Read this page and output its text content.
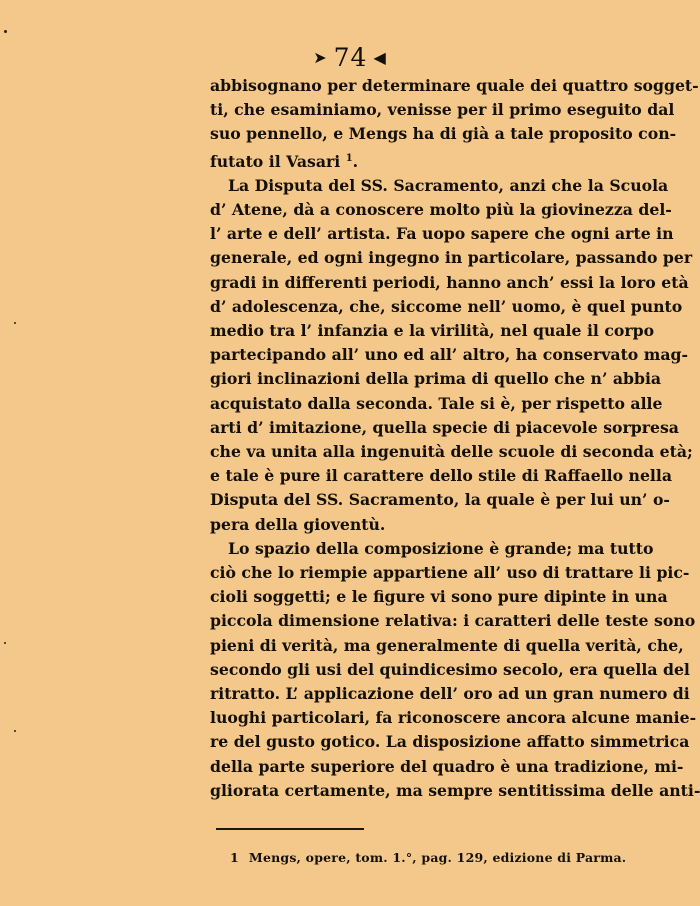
➤ 74 ◀

abbisognano per determinare quale dei quattro sogget-
ti, che esaminiamo, venisse per il primo eseguito dal
suo pennello, e Mengs ha di già a tale proposito con-
futato il Vasari $^1$.

La Disputa del SS. Sacramento, anzi che la Scuola
d’ Atene, dà a conoscere molto più la giovinezza del-
l’ arte e dell’ artista. Fa uopo sapere che ogni arte in
generale, ed ogni ingegno in particolare, passando per
gradi in differenti periodi, hanno anch’ essi la loro età
d’ adolescenza, che, siccome nell’ uomo, è quel punto
medio tra l’ infanzia e la virilità, nel quale il corpo
partecipando all’ uno ed all’ altro, ha conservato mag-
giori inclinazioni della prima di quello che n’ abbia
acquistato dalla seconda. Tale si è, per rispetto alle
arti d’ imitazione, quella specie di piacevole sorpresa
che va unita alla ingenuità delle scuole di seconda età;
e tale è pure il carattere dello stile di Raffaello nella
Disputa del SS. Sacramento, la quale è per lui un’ o-
pera della gioventù.

Lo spazio della composizione è grande; ma tutto
ciò che lo riempie appartiene all’ uso di trattare li pic-
cioli soggetti; e le figure vi sono pure dipinte in una
piccola dimensione relativa: i caratteri delle teste sono
pieni di verità, ma generalmente di quella verità, che,
secondo gli usi del quindicesimo secolo, era quella del
ritratto. L’ applicazione dell’ oro ad un gran numero di
luoghi particolari, fa riconoscere ancora alcune manie-
re del gusto gotico. La disposizione affatto simmetrica
della parte superiore del quadro è una tradizione, mi-
gliorata certamente, ma sempre sentitissima delle anti-

1 Mengs, opere, tom. 1.°, pag. 129, edizione di Parma.
